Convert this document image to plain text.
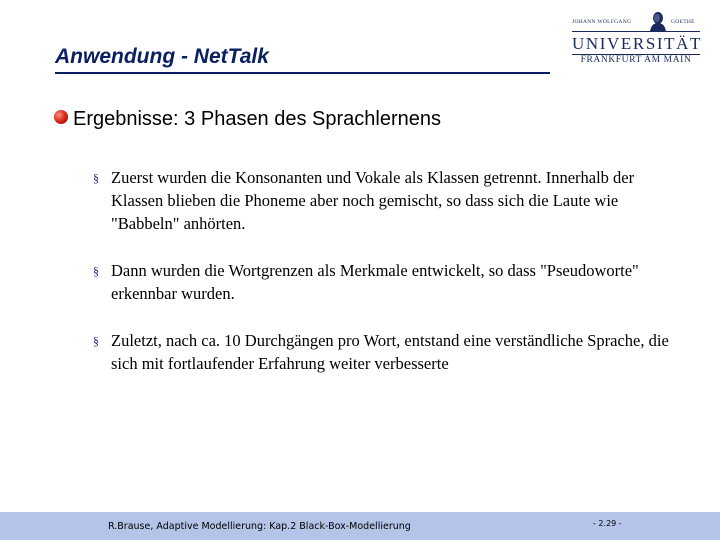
Anwendung - NetTalk
JOHANN WOLFGANG	GOETHE
UNIVERSITÄT
FRANKFURT AM MAIN
Ergebnisse: 3 Phasen des Sprachlernens
§ Zuerst wurden die Konsonanten und Vokale als Klassen getrennt. Innerhalb der Klassen blieben die Phoneme aber noch gemischt, so dass sich die Laute wie "Babbeln" anhörten.
§ Dann wurden die Wortgrenzen als Merkmale entwickelt, so dass "Pseudoworte" erkennbar wurden.
§ Zuletzt, nach ca. 10 Durchgängen pro Wort, entstand eine verständliche Sprache, die sich mit fortlaufender Erfahrung weiter verbesserte
R.Brause, Adaptive Modellierung: Kap.2 Black-Box-Modellierung	- 2.29 -
